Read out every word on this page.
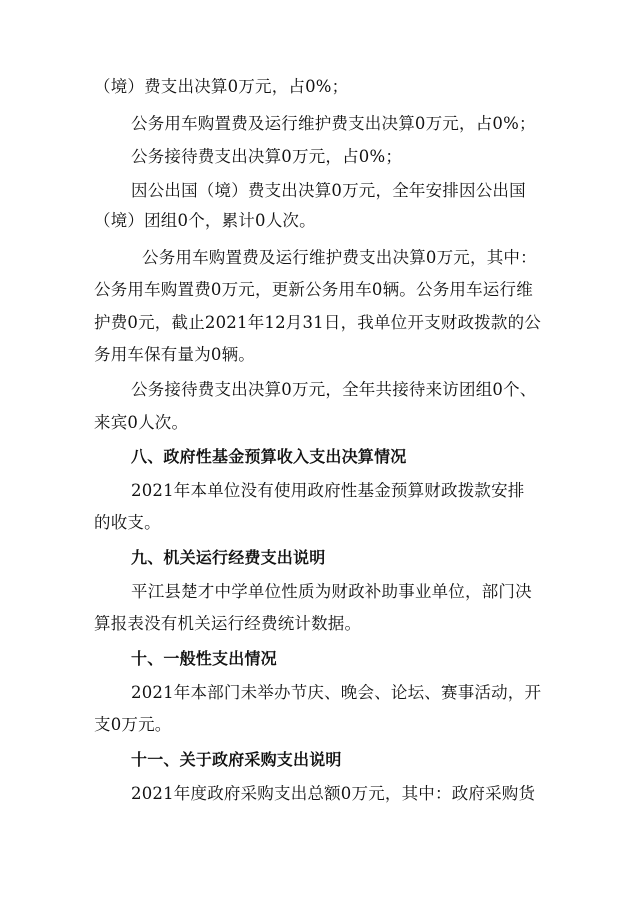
（境）费支出决算0万元，占0%；
公务用车购置费及运行维护费支出决算0万元，占0%；
公务接待费支出决算0万元，占0%；
因公出国（境）费支出决算0万元，全年安排因公出国
（境）团组0个，累计0人次。
公务用车购置费及运行维护费支出决算0万元，其中：
公务用车购置费0万元，更新公务用车0辆。公务用车运行维
护费0元，截止2021年12月31日，我单位开支财政拨款的公
务用车保有量为0辆。
公务接待费支出决算0万元，全年共接待来访团组0个、
来宾0人次。
八、政府性基金预算收入支出决算情况
2021年本单位没有使用政府性基金预算财政拨款安排
的收支。
九、机关运行经费支出说明
平江县楚才中学单位性质为财政补助事业单位，部门决
算报表没有机关运行经费统计数据。
十、一般性支出情况
2021年本部门未举办节庆、晚会、论坛、赛事活动，开
支0万元。
十一、关于政府采购支出说明
2021年度政府采购支出总额0万元，其中：政府采购货
